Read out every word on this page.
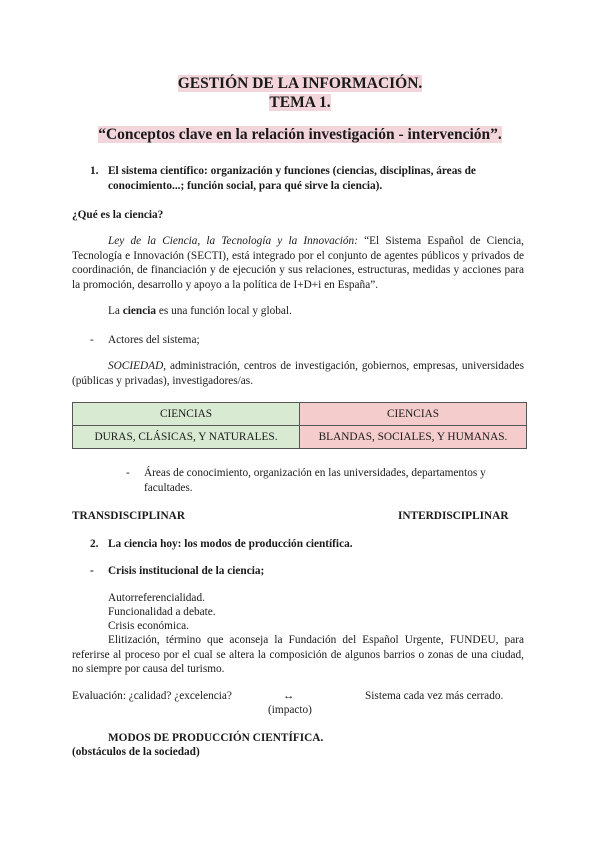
GESTIÓN DE LA INFORMACIÓN.
TEMA 1.
“Conceptos clave en la relación investigación - intervención”.
1. El sistema científico: organización y funciones (ciencias, disciplinas, áreas de conocimiento...; función social, para qué sirve la ciencia).
¿Qué es la ciencia?
Ley de la Ciencia, la Tecnología y la Innovación: “El Sistema Español de Ciencia, Tecnología e Innovación (SECTI), está integrado por el conjunto de agentes públicos y privados de coordinación, de financiación y de ejecución y sus relaciones, estructuras, medidas y acciones para la promoción, desarrollo y apoyo a la política de I+D+i en España”.
La ciencia es una función local y global.
- Actores del sistema;
SOCIEDAD, administración, centros de investigación, gobiernos, empresas, universidades (públicas y privadas), investigadores/as.
CIENCIAS	CIENCIAS
DURAS, CLÁSICAS, Y NATURALES.	BLANDAS, SOCIALES, Y HUMANAS.
- Áreas de conocimiento, organización en las universidades, departamentos y facultades.
TRANSDISCIPLINAR	INTERDISCIPLINAR
2. La ciencia hoy: los modos de producción científica.
- Crisis institucional de la ciencia;
Autorreferencialidad.
Funcionalidad a debate.
Crisis económica.
Elitización, término que aconseja la Fundación del Español Urgente, FUNDEU, para referirse al proceso por el cual se altera la composición de algunos barrios o zonas de una ciudad, no siempre por causa del turismo.
Evaluación: ¿calidad? ¿excelencia?	↔
(impacto)
Sistema cada vez más cerrado.
MODOS DE PRODUCCIÓN CIENTÍFICA.
(obstáculos de la sociedad)
